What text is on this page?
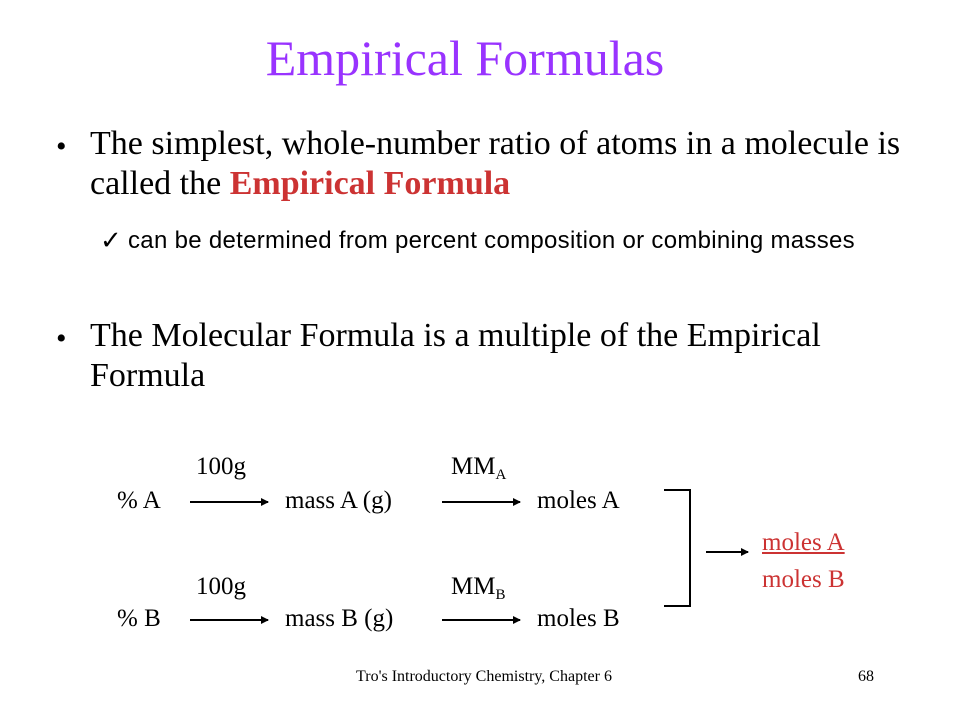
Empirical Formulas
• The simplest, whole-number ratio of atoms in a molecule is called the Empirical Formula
✓ can be determined from percent composition or combining masses
• The Molecular Formula is a multiple of the Empirical Formula
100g	$MM_A$
% A	mass A (g)	moles A
100g	$MM_B$
% B	mass B (g)	moles B
moles A
moles B
Tro's Introductory Chemistry, Chapter 6	68
